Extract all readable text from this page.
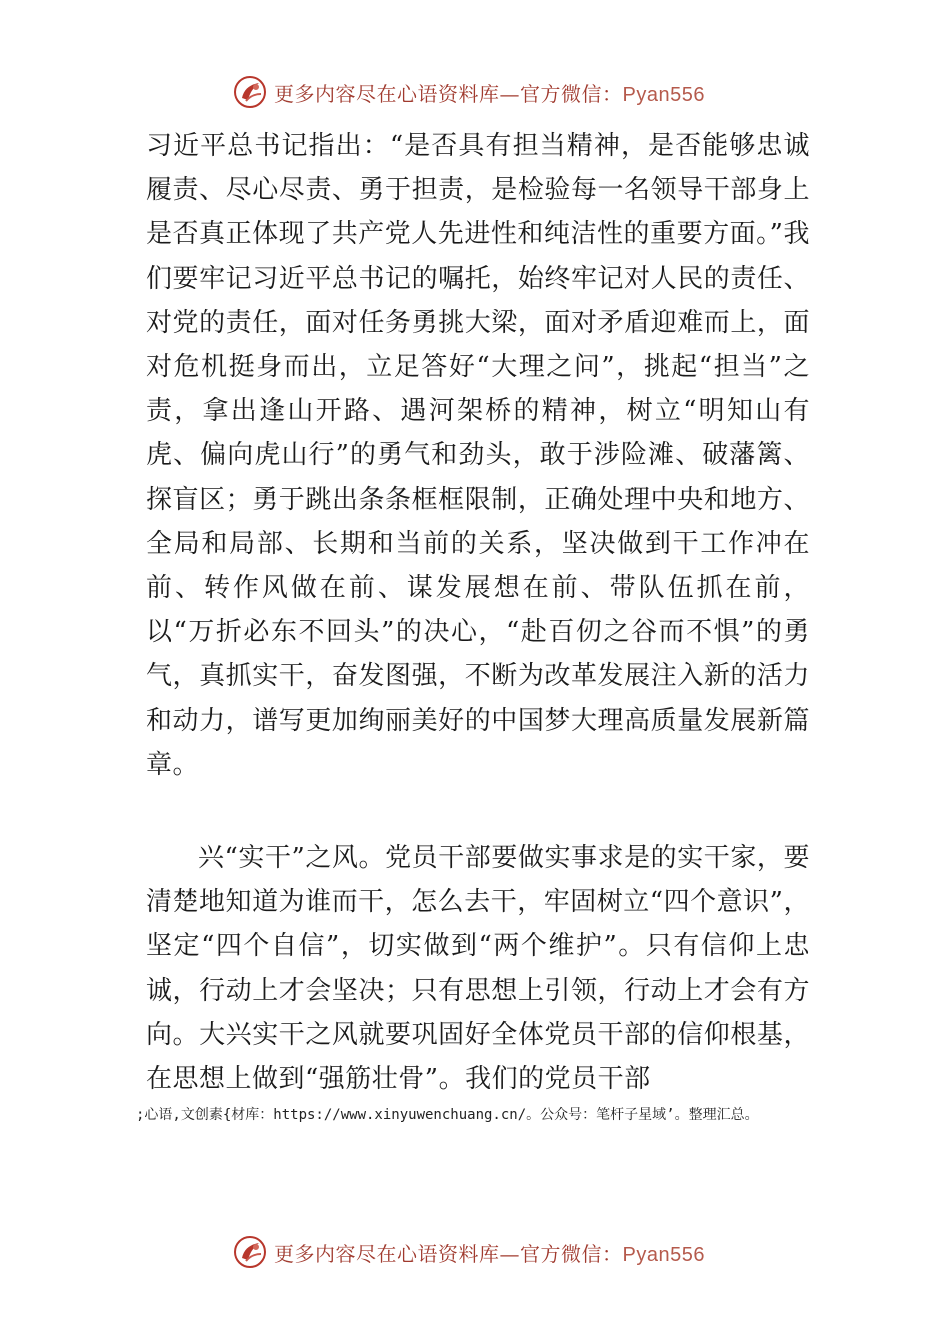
更多内容尽在心语资料库—官方微信：Pyan556

习近平总书记指出：“是否具有担当精神，是否能够忠诚履责、尽心尽责、勇于担责，是检验每一名领导干部身上是否真正体现了共产党人先进性和纯洁性的重要方面。”我们要牢记习近平总书记的嘱托，始终牢记对人民的责任、对党的责任，面对任务勇挑大梁，面对矛盾迎难而上，面对危机挺身而出，立足答好“大理之问”，挑起“担当”之责，拿出逢山开路、遇河架桥的精神，树立“明知山有虎、偏向虎山行”的勇气和劲头，敢于涉险滩、破藩篱、探盲区；勇于跳出条条框框限制，正确处理中央和地方、全局和局部、长期和当前的关系，坚决做到干工作冲在前、转作风做在前、谋发展想在前、带队伍抓在前，以“万折必东不回头”的决心，“赴百仞之谷而不惧”的勇气，真抓实干，奋发图强，不断为改革发展注入新的活力和动力，谱写更加绚丽美好的中国梦大理高质量发展新篇章。

兴“实干”之风。党员干部要做实事求是的实干家，要清楚地知道为谁而干，怎么去干，牢固树立“四个意识”，坚定“四个自信”，切实做到“两个维护”。只有信仰上忠诚，行动上才会坚决；只有思想上引领，行动上才会有方向。大兴实干之风就要巩固好全体党员干部的信仰根基，在思想上做到“强筋壮骨”。我们的党员干部

;心语,文创素{材库：https://www.xinyuwenchuang.cn/。公众号：笔杆子星域’。整理汇总。

更多内容尽在心语资料库—官方微信：Pyan556
